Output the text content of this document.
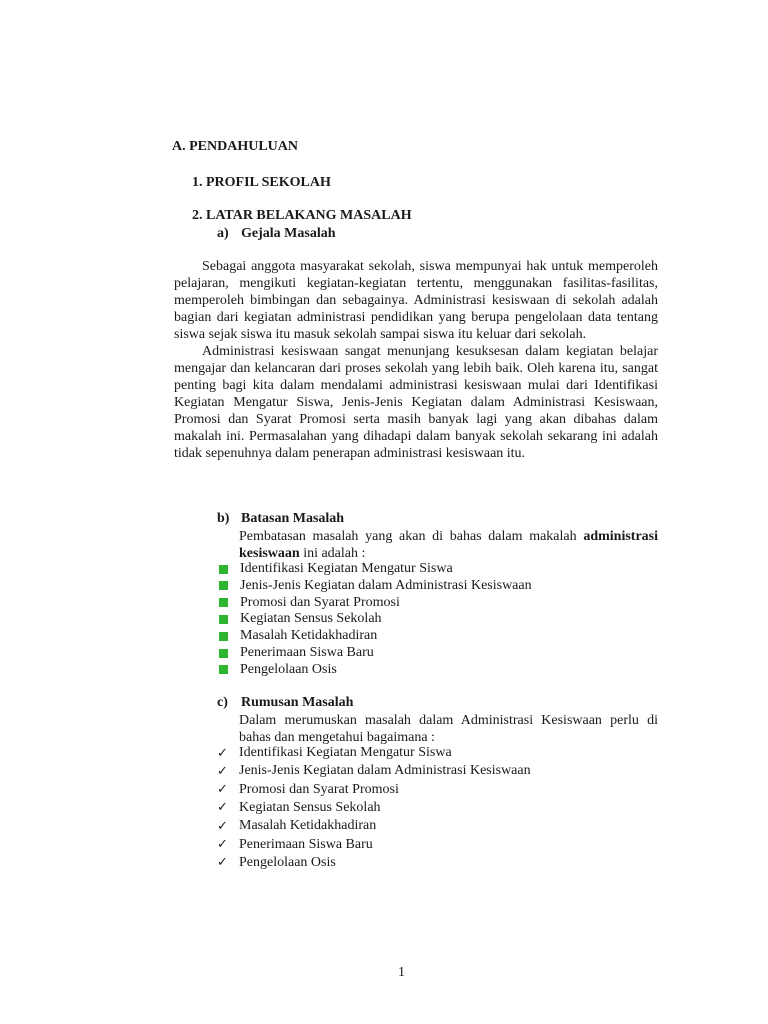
A. PENDAHULUAN
1. PROFIL SEKOLAH
2. LATAR BELAKANG MASALAH
a) Gejala Masalah

Sebagai anggota masyarakat sekolah, siswa mempunyai hak untuk memperoleh pelajaran, mengikuti kegiatan-kegiatan tertentu, menggunakan fasilitas-fasilitas, memperoleh bimbingan dan sebagainya. Administrasi kesiswaan di sekolah adalah bagian dari kegiatan administrasi pendidikan yang berupa pengelolaan data tentang siswa sejak siswa itu masuk sekolah sampai siswa itu keluar dari sekolah.

Administrasi kesiswaan sangat menunjang kesuksesan dalam kegiatan belajar mengajar dan kelancaran dari proses sekolah yang lebih baik. Oleh karena itu, sangat penting bagi kita dalam mendalami administrasi kesiswaan mulai dari Identifikasi Kegiatan Mengatur Siswa, Jenis-Jenis Kegiatan dalam Administrasi Kesiswaan, Promosi dan Syarat Promosi serta masih banyak lagi yang akan dibahas dalam makalah ini. Permasalahan yang dihadapi dalam banyak sekolah sekarang ini adalah tidak sepenuhnya dalam penerapan administrasi kesiswaan itu.

b) Batasan Masalah
Pembatasan masalah yang akan di bahas dalam makalah administrasi kesiswaan ini adalah :
Identifikasi Kegiatan Mengatur Siswa
Jenis-Jenis Kegiatan dalam Administrasi Kesiswaan
Promosi dan Syarat Promosi
Kegiatan Sensus Sekolah
Masalah Ketidakhadiran
Penerimaan Siswa Baru
Pengelolaan Osis
c) Rumusan Masalah
Dalam merumuskan masalah dalam Administrasi Kesiswaan perlu di bahas dan mengetahui bagaimana :
✓ Identifikasi Kegiatan Mengatur Siswa
✓ Jenis-Jenis Kegiatan dalam Administrasi Kesiswaan
✓ Promosi dan Syarat Promosi
✓ Kegiatan Sensus Sekolah
✓ Masalah Ketidakhadiran
✓ Penerimaan Siswa Baru
✓ Pengelolaan Osis
1
